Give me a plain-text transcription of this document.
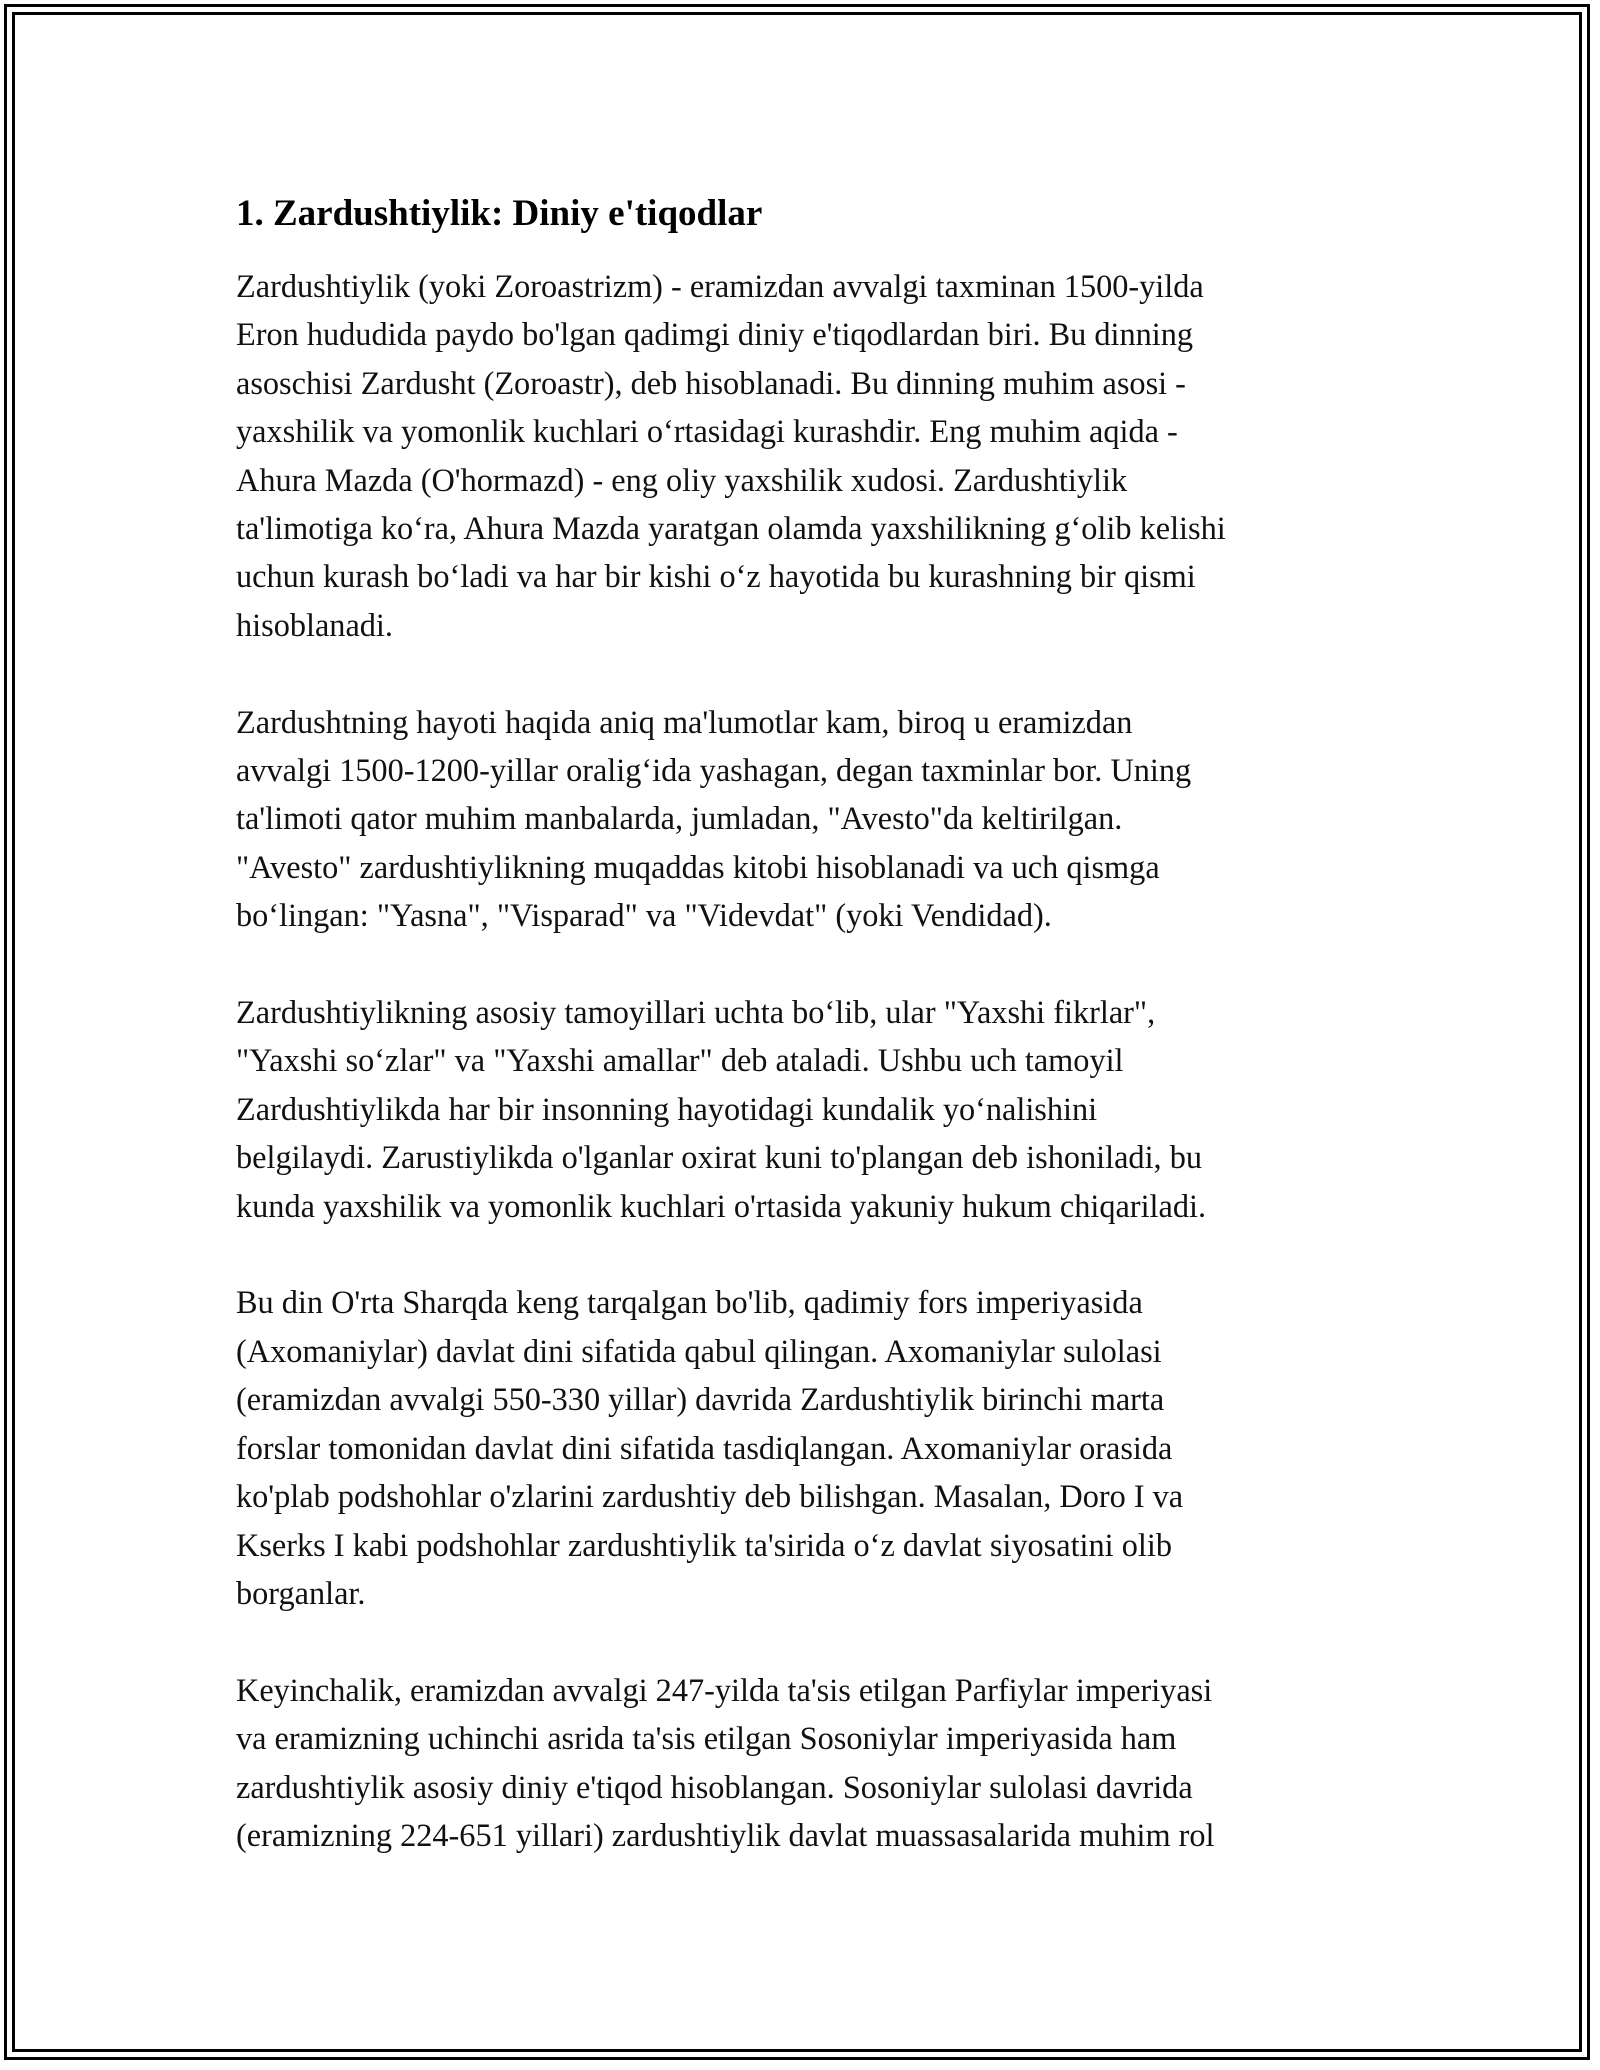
1. Zardushtiylik: Diniy e'tiqodlar

Zardushtiylik (yoki Zoroastrizm) - eramizdan avvalgi taxminan 1500-yilda
Eron hududida paydo bo'lgan qadimgi diniy e'tiqodlardan biri. Bu dinning
asoschisi Zardusht (Zoroastr), deb hisoblanadi. Bu dinning muhim asosi -
yaxshilik va yomonlik kuchlari o‘rtasidagi kurashdir. Eng muhim aqida -
Ahura Mazda (O'hormazd) - eng oliy yaxshilik xudosi. Zardushtiylik
ta'limotiga ko‘ra, Ahura Mazda yaratgan olamda yaxshilikning g‘olib kelishi
uchun kurash bo‘ladi va har bir kishi o‘z hayotida bu kurashning bir qismi
hisoblanadi.

Zardushtning hayoti haqida aniq ma'lumotlar kam, biroq u eramizdan
avvalgi 1500-1200-yillar oralig‘ida yashagan, degan taxminlar bor. Uning
ta'limoti qator muhim manbalarda, jumladan, "Avesto"da keltirilgan.
"Avesto" zardushtiylikning muqaddas kitobi hisoblanadi va uch qismga
bo‘lingan: "Yasna", "Visparad" va "Videvdat" (yoki Vendidad).

Zardushtiylikning asosiy tamoyillari uchta bo‘lib, ular "Yaxshi fikrlar",
"Yaxshi so‘zlar" va "Yaxshi amallar" deb ataladi. Ushbu uch tamoyil
Zardushtiylikda har bir insonning hayotidagi kundalik yo‘nalishini
belgilaydi. Zarustiylikda o'lganlar oxirat kuni to'plangan deb ishoniladi, bu
kunda yaxshilik va yomonlik kuchlari o'rtasida yakuniy hukum chiqariladi.

Bu din O'rta Sharqda keng tarqalgan bo'lib, qadimiy fors imperiyasida
(Axomaniylar) davlat dini sifatida qabul qilingan. Axomaniylar sulolasi
(eramizdan avvalgi 550-330 yillar) davrida Zardushtiylik birinchi marta
forslar tomonidan davlat dini sifatida tasdiqlangan. Axomaniylar orasida
ko'plab podshohlar o'zlarini zardushtiy deb bilishgan. Masalan, Doro I va
Kserks I kabi podshohlar zardushtiylik ta'sirida o‘z davlat siyosatini olib
borganlar.

Keyinchalik, eramizdan avvalgi 247-yilda ta'sis etilgan Parfiylar imperiyasi
va eramizning uchinchi asrida ta'sis etilgan Sosoniylar imperiyasida ham
zardushtiylik asosiy diniy e'tiqod hisoblangan. Sosoniylar sulolasi davrida
(eramizning 224-651 yillari) zardushtiylik davlat muassasalarida muhim rol
